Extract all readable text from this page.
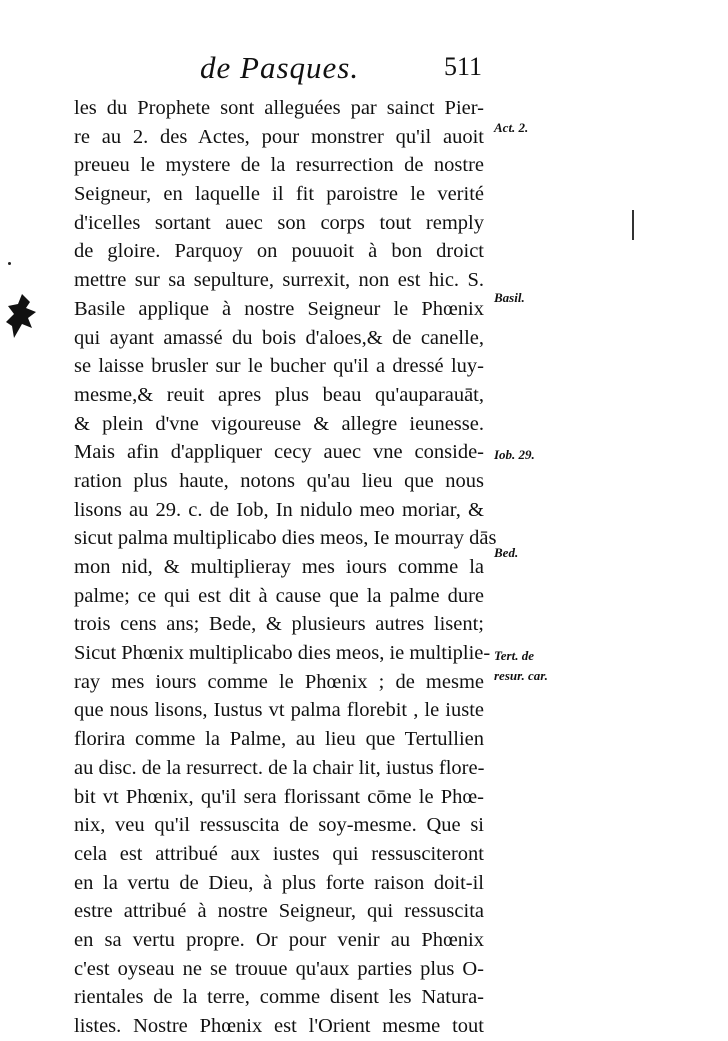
de Pasques.	511
les du Prophete sont alleguées par sainct Pier-
re au 2. des Actes, pour monstrer qu'il auoit
preueu le mystere de la resurrection de nostre
Seigneur, en laquelle il fit paroistre le verité
d'icelles sortant auec son corps tout remply
de gloire. Parquoy on pouuoit à bon droict
mettre sur sa sepulture, surrexit, non est hic. S.
Basile applique à nostre Seigneur le Phœnix
qui ayant amassé du bois d'aloes,& de canelle,
se laisse brusler sur le bucher qu'il a dressé luy-
mesme,& reuit apres plus beau qu'auparauāt,
& plein d'vne vigoureuse & allegre ieunesse.
Mais afin d'appliquer cecy auec vne conside-
ration plus haute, notons qu'au lieu que nous
lisons au 29. c. de Iob, In nidulo meo moriar, &
sicut palma multiplicabo dies meos, Ie mourray dās
mon nid, & multiplieray mes iours comme la
palme; ce qui est dit à cause que la palme dure
trois cens ans; Bede, & plusieurs autres lisent;
Sicut Phœnix multiplicabo dies meos, ie multiplie-
ray mes iours comme le Phœnix ; de mesme
que nous lisons, Iustus vt palma florebit , le iuste
florira comme la Palme, au lieu que Tertullien
au disc. de la resurrect. de la chair lit, iustus flore-
bit vt Phœnix, qu'il sera florissant cōme le Phœ-
nix, veu qu'il ressuscita de soy-mesme. Que si
cela est attribué aux iustes qui ressusciteront
en la vertu de Dieu, à plus forte raison doit-il
estre attribué à nostre Seigneur, qui ressuscita
en sa vertu propre. Or pour venir au Phœnix
c'est oyseau ne se trouue qu'aux parties plus O-
rientales de la terre, comme disent les Natura-
listes. Nostre Phœnix est l'Orient mesme tout
Act. 2.
Basil.
Iob. 29.
Bed.
Tert. de
resur. car.
